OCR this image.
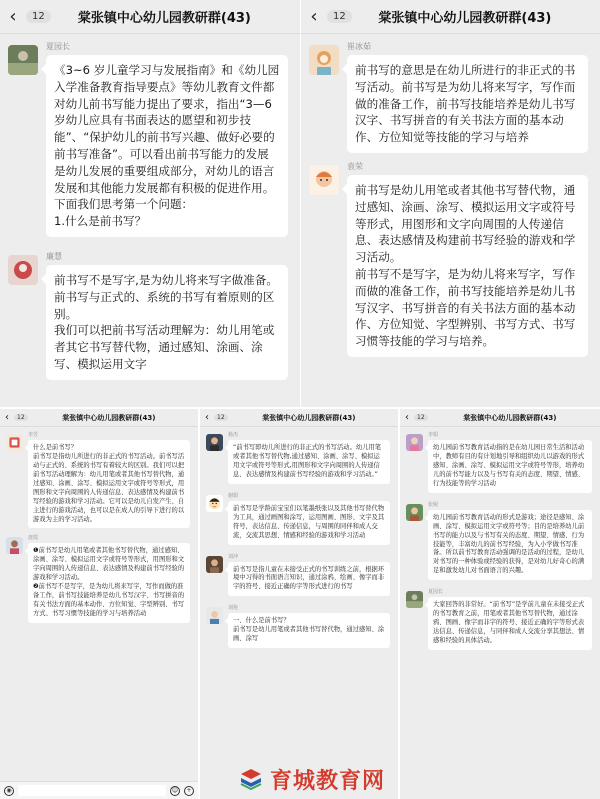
‹	12	棠张镇中心幼儿园教研群(43)
夏园长
《3~6 岁儿童学习与发展指南》和《幼儿园入学准备教育指导要点》等幼儿教育文件都对幼儿前书写能力提出了要求，指出“3—6岁幼儿应具有书面表达的愿望和初步技能”、“保护幼儿的前书写兴趣、做好必要的前书写准备”。可以看出前书写能力的发展是幼儿发展的重要组成部分，对幼儿的语言发展和其他能力发展都有积极的促进作用。
下面我们思考第一个问题：
1.什么是前书写？
廉慧
前书写不是写字,是为幼儿将来写字做准备。前书写与正式的、系统的书写有着原则的区别。
我们可以把前书写活动理解为：幼儿用笔或者其它书写替代物，通过感知、涂画、涂写、模拟运用文字
‹	12	棠张镇中心幼儿园教研群(43)
崔冰茹
前书写的意思是在幼儿所进行的非正式的书写活动。前书写是为幼儿将来写字，写作而做的准备工作，前书写技能培养是幼儿书写汉字、书写拼音的有关书法方面的基本动作、方位知觉等技能的学习与培养
袁荣
前书写是幼儿用笔或者其他书写替代物，通过感知、涂画、涂写、模拟运用文字或符号等形式，用图形和文字向周围的人传递信息、表达感情及构建前书写经验的游戏和学习活动。
前书写不是写字，是为幼儿将来写字，写作而做的准备工作，前书写技能培养是幼儿书写汉字、书写拼音的有关书法方面的基本动作、方位知觉、字型辨别、书写方式、书写习惯等技能的学习与培养。
‹	12	棠张镇中心幼儿园教研群(43)
李芳
什么是前书写？
前书写是指幼儿所进行的非正式的书写活动。前书写活动与正式的、系统的书写有着较大的区别。我们可以把前书写活动理解为：幼儿用笔或者其他书写替代物，通过感知、涂画、涂写、模拟运用文字或符号等形式，用图形和文字向周围的人传递信息、表达感情及构建前书写经验的游戏和学习活动。它可以是幼儿自发产生、自主进行的游戏活动，也可以是在成人的引导下进行的以游戏为主的学习活动。
唐霞
❶前书写是幼儿用笔或者其他书写替代物，通过感知、涂画、涂写、模拟运用文字或符号等形式，用图形和文字向周围的人传递信息、表达感情及构建前书写经验的游戏和学习活动。
❷前书写不是写字，是为幼儿将来写字，写作而做的准备工作，前书写技能培养是幼儿书写汉字、书写拼音的有关书法方面的基本动作、方位知觉、字型辨别、书写方式、书写习惯等技能的学习与培养活动
◉	☺	+
‹	12	棠张镇中心幼儿园教研群(43)
杨杰
“前书写即幼儿所进行的非正式的书写活动。幼儿用笔或者其他书写替代物,通过感知、涂画、涂写、模拟运用文字或符号等形式,用图形和文字向周围的人传递信息、表达感情及构建前书写经验的游戏和学习活动。”
谢娟
前书写是学龄前宝宝们以笔墨纸张以及其他书写替代物为工具，通过画图和涂写，运用图画、图形、文字及其符号，表达信息、传递信息，与周围的同伴和成人交流，交流其思想、情感和经验的游戏和学习活动
刘冲
前书写是指儿童在未接受正式的书写训练之前，根据环境中习得的书面语言知识，通过涂鸦、绘画、像字而非字的符号、接近正确的字等形式进行的书写
刘艳
一、什么是前书写？
前书写是幼儿用笔或者其他书写替代物，通过感知、涂画、涂写
‹	12	棠张镇中心幼儿园教研群(43)
李娟
幼儿园前书写教育活动指的是在幼儿园日常生活和活动中，教师有目的有计划地引导和组织幼儿以游戏的形式感知、涂画、涂写、模拟运用文字或符号等形，培养幼儿的前书写能力以及与书写有关的态度、期望、情感、行为技能等的学习活动
张妮
幼儿园前书写教育活动的形式是游戏；途径是感知、涂画、涂写、模拟运用文字或符号等；目的是培养幼儿前书写的能力以及与书写有关的态度、期望、情感、行为技能等，丰富幼儿的前书写经验，为入小学做书写准备。所以前书写教育活动强调的是活动的过程，是幼儿对书写的一种体验或经验的获得，是对幼儿好奇心的满足和激发幼儿对书面语言的兴趣。
夏园长
大家回答的非常好。“前书写”是学前儿童在未接受正式的书写教育之前，用笔或者其他书写替代物，通过涂鸦、图画、像字而非字的符号、接近正确的字等形式表达信息、传递信息，与同伴和成人交流分享其想法、情感和经验的具体活动。
育城教育网
